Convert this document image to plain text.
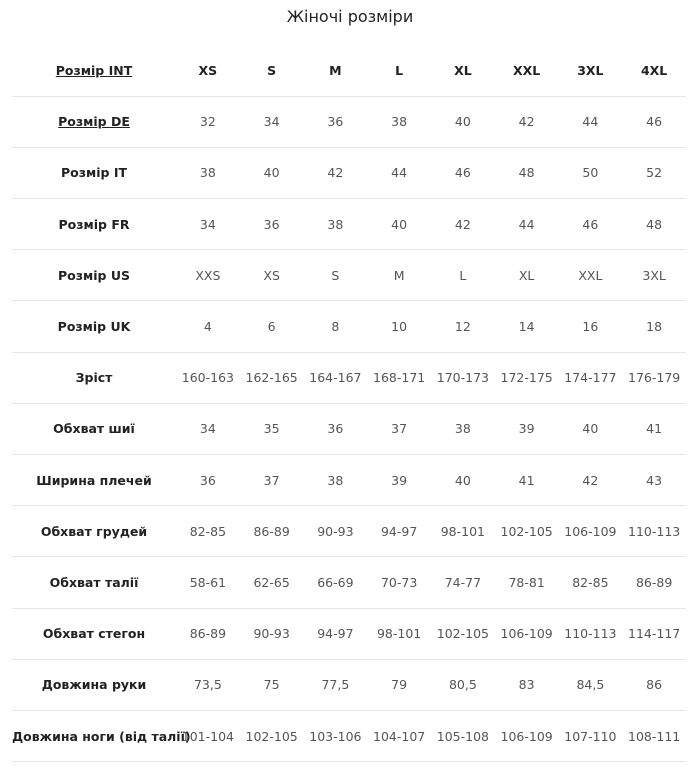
Жіночі розміри
Розмір INT	XS	S	M	L	XL	XXL	3XL	4XL
Розмір DE	32	34	36	38	40	42	44	46
Розмір IT	38	40	42	44	46	48	50	52
Розмір FR	34	36	38	40	42	44	46	48
Розмір US	XXS	XS	S	M	L	XL	XXL	3XL
Розмір UK	4	6	8	10	12	14	16	18
Зріст	160-163	162-165	164-167	168-171	170-173	172-175	174-177	176-179
Обхват шиї	34	35	36	37	38	39	40	41
Ширина плечей	36	37	38	39	40	41	42	43
Обхват грудей	82-85	86-89	90-93	94-97	98-101	102-105	106-109	110-113
Обхват талії	58-61	62-65	66-69	70-73	74-77	78-81	82-85	86-89
Обхват стегон	86-89	90-93	94-97	98-101	102-105	106-109	110-113	114-117
Довжина руки	73,5	75	77,5	79	80,5	83	84,5	86
Довжина ноги (від талії)	101-104	102-105	103-106	104-107	105-108	106-109	107-110	108-111
